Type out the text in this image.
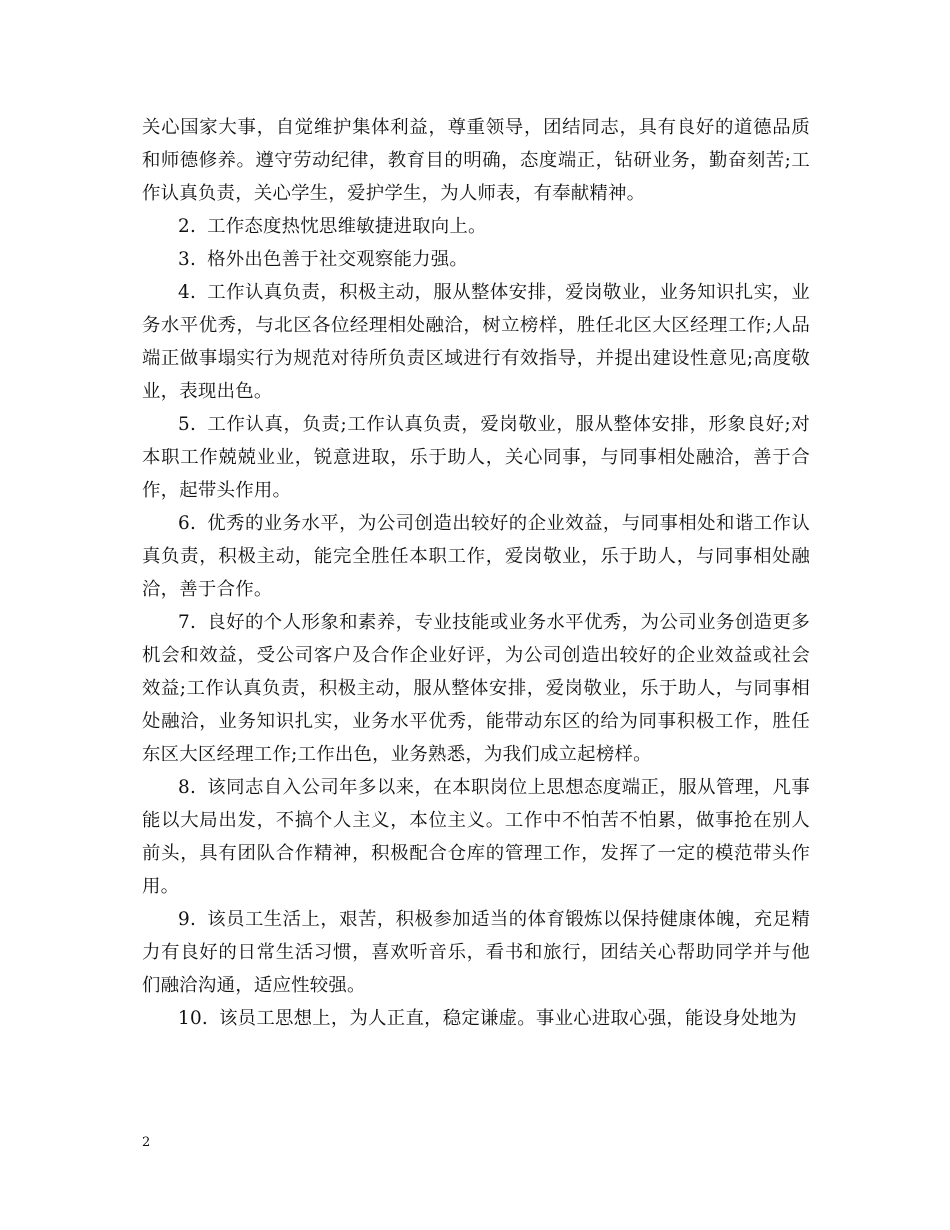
关心国家大事，自觉维护集体利益，尊重领导，团结同志，具有良好的道德品质和师德修养。遵守劳动纪律，教育目的明确，态度端正，钻研业务，勤奋刻苦;工作认真负责，关心学生，爱护学生，为人师表，有奉献精神。

2. 工作态度热忱思维敏捷进取向上。

3. 格外出色善于社交观察能力强。

4. 工作认真负责，积极主动，服从整体安排，爱岗敬业，业务知识扎实，业务水平优秀，与北区各位经理相处融洽，树立榜样，胜任北区大区经理工作;人品端正做事塌实行为规范对待所负责区域进行有效指导，并提出建设性意见;高度敬业，表现出色。

5. 工作认真，负责;工作认真负责，爱岗敬业，服从整体安排，形象良好;对本职工作兢兢业业，锐意进取，乐于助人，关心同事，与同事相处融洽，善于合作，起带头作用。

6. 优秀的业务水平，为公司创造出较好的企业效益，与同事相处和谐工作认真负责，积极主动，能完全胜任本职工作，爱岗敬业，乐于助人，与同事相处融洽，善于合作。

7. 良好的个人形象和素养，专业技能或业务水平优秀，为公司业务创造更多机会和效益，受公司客户及合作企业好评，为公司创造出较好的企业效益或社会效益;工作认真负责，积极主动，服从整体安排，爱岗敬业，乐于助人，与同事相处融洽，业务知识扎实，业务水平优秀，能带动东区的给为同事积极工作，胜任东区大区经理工作;工作出色，业务熟悉，为我们成立起榜样。

8. 该同志自入公司年多以来，在本职岗位上思想态度端正，服从管理，凡事能以大局出发，不搞个人主义，本位主义。工作中不怕苦不怕累，做事抢在别人前头，具有团队合作精神，积极配合仓库的管理工作，发挥了一定的模范带头作用。

9. 该员工生活上，艰苦，积极参加适当的体育锻炼以保持健康体魄，充足精力有良好的日常生活习惯，喜欢听音乐，看书和旅行，团结关心帮助同学并与他们融洽沟通，适应性较强。

10. 该员工思想上，为人正直，稳定谦虚。事业心进取心强，能设身处地为

2
